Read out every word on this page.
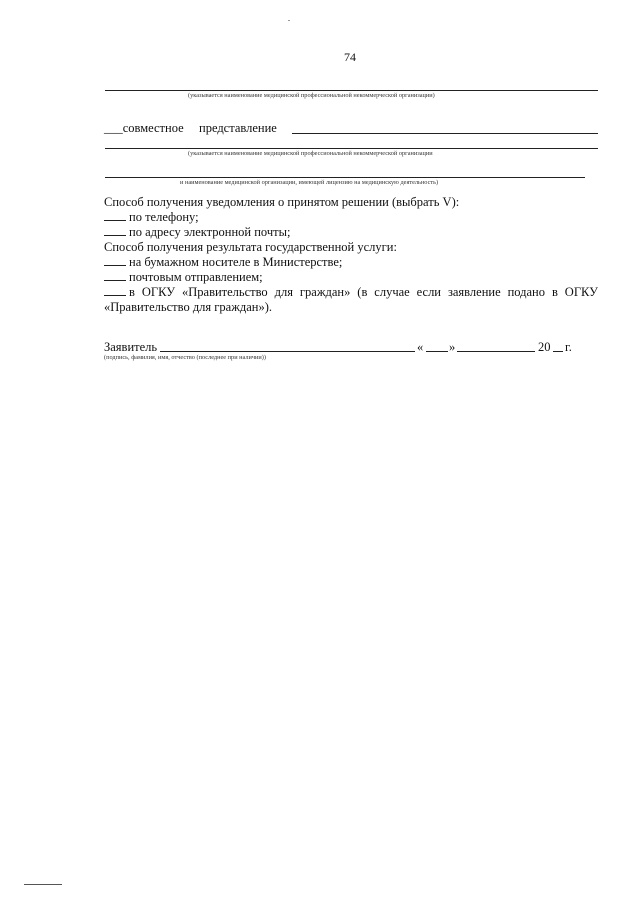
74
(указывается наименование медицинской профессиональной некоммерческой организации)
___совместное представление
(указывается наименование медицинской профессиональной некоммерческой организации
и наименование медицинской организации, имеющей лицензию на медицинскую деятельность)
Способ получения уведомления о принятом решении (выбрать V):
по телефону;
по адресу электронной почты;
Способ получения результата государственной услуги:
на бумажном носителе в Министерстве;
почтовым отправлением;
в ОГКУ «Правительство для граждан» (в случае если заявление подано в ОГКУ
«Правительство для граждан»).
Заявитель	« »	20 г.
(подпись, фамилия, имя, отчество (последнее при наличии))
